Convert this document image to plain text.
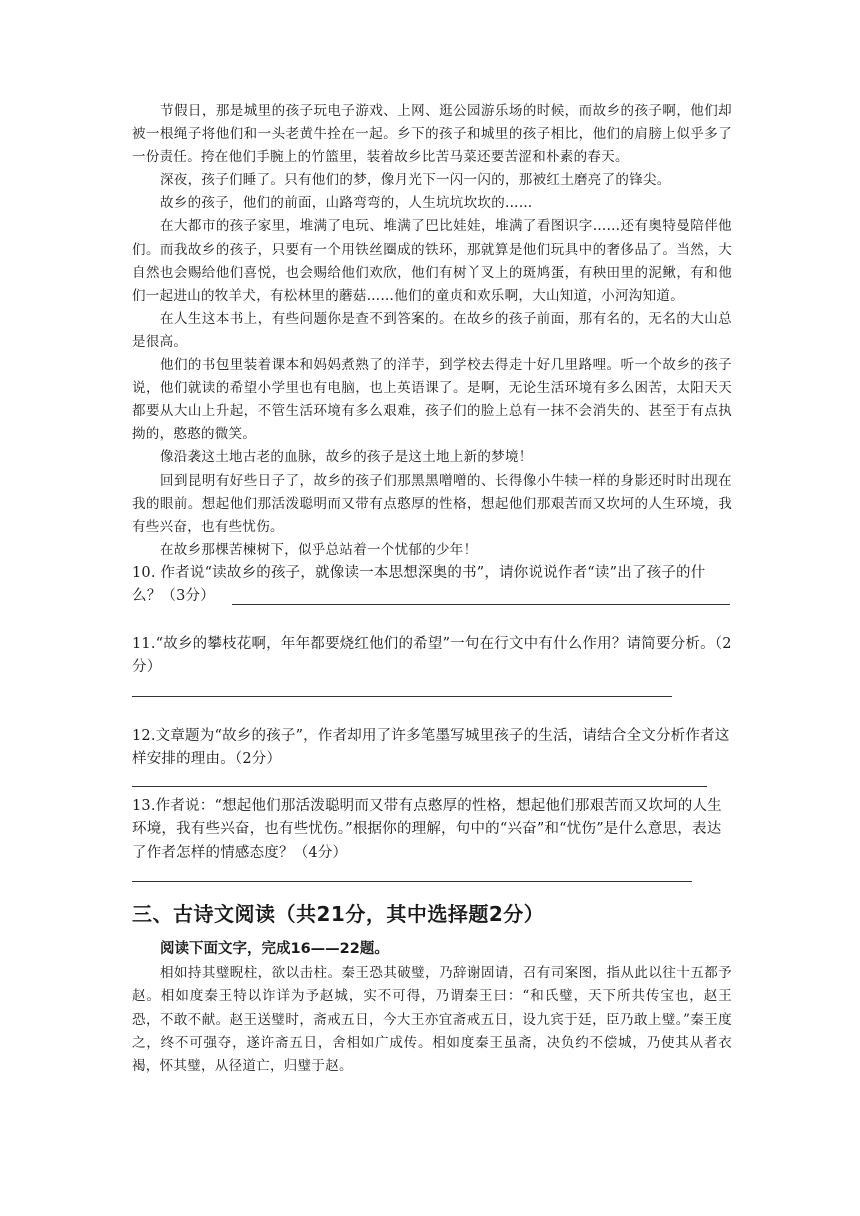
节假日，那是城里的孩子玩电子游戏、上网、逛公园游乐场的时候，而故乡的孩子啊，他们却被一根绳子将他们和一头老黄牛拴在一起。乡下的孩子和城里的孩子相比，他们的肩膀上似乎多了一份责任。挎在他们手腕上的竹篮里，装着故乡比苦马菜还要苦涩和朴素的春天。

深夜，孩子们睡了。只有他们的梦，像月光下一闪一闪的，那被红土磨亮了的锋尖。

故乡的孩子，他们的前面，山路弯弯的，人生坑坑坎坎的……

在大都市的孩子家里，堆满了电玩、堆满了巴比娃娃，堆满了看图识字……还有奥特曼陪伴他们。而我故乡的孩子，只要有一个用铁丝圈成的铁环，那就算是他们玩具中的奢侈品了。当然，大自然也会赐给他们喜悦，也会赐给他们欢欣，他们有树丫叉上的斑鸠蛋，有秧田里的泥鳅，有和他们一起进山的牧羊犬，有松林里的蘑菇……他们的童贞和欢乐啊，大山知道，小河沟知道。

在人生这本书上，有些问题你是查不到答案的。在故乡的孩子前面，那有名的，无名的大山总是很高。

他们的书包里装着课本和妈妈煮熟了的洋芋，到学校去得走十好几里路哩。听一个故乡的孩子说，他们就读的希望小学里也有电脑，也上英语课了。是啊，无论生活环境有多么困苦，太阳天天都要从大山上升起，不管生活环境有多么艰难，孩子们的脸上总有一抹不会消失的、甚至于有点执拗的，憨憨的微笑。

像沿袭这土地古老的血脉，故乡的孩子是这土地上新的梦境！

回到昆明有好些日子了，故乡的孩子们那黑黑噌噌的、长得像小牛犊一样的身影还时时出现在我的眼前。想起他们那活泼聪明而又带有点憨厚的性格，想起他们那艰苦而又坎坷的人生环境，我有些兴奋，也有些忧伤。

在故乡那棵苦楝树下，似乎总站着一个忧郁的少年！

10. 作者说“读故乡的孩子，就像读一本思想深奥的书”，请你说说作者“读”出了孩子的什么？（3分）

11.“故乡的攀枝花啊，年年都要烧红他们的希望”一句在行文中有什么作用？请简要分析。（2分）

12.文章题为“故乡的孩子”，作者却用了许多笔墨写城里孩子的生活，请结合全文分析作者这样安排的理由。（2分）

13.作者说：“想起他们那活泼聪明而又带有点憨厚的性格，想起他们那艰苦而又坎坷的人生环境，我有些兴奋，也有些忧伤。”根据你的理解，句中的“兴奋”和“忧伤”是什么意思，表达了作者怎样的情感态度？（4分）

三、古诗文阅读（共21分，其中选择题2分）

阅读下面文字，完成16——22题。

相如持其璧睨柱，欲以击柱。秦王恐其破璧，乃辞谢固请，召有司案图，指从此以往十五都予赵。相如度秦王特以诈详为予赵城，实不可得，乃谓秦王曰：“和氏璧，天下所共传宝也，赵王恐，不敢不献。赵王送璧时，斋戒五日，今大王亦宜斋戒五日，设九宾于廷，臣乃敢上璧。”秦王度之，终不可强夺，遂许斋五日，舍相如广成传。相如度秦王虽斋，决负约不偿城，乃使其从者衣褐，怀其璧，从径道亡，归璧于赵。
